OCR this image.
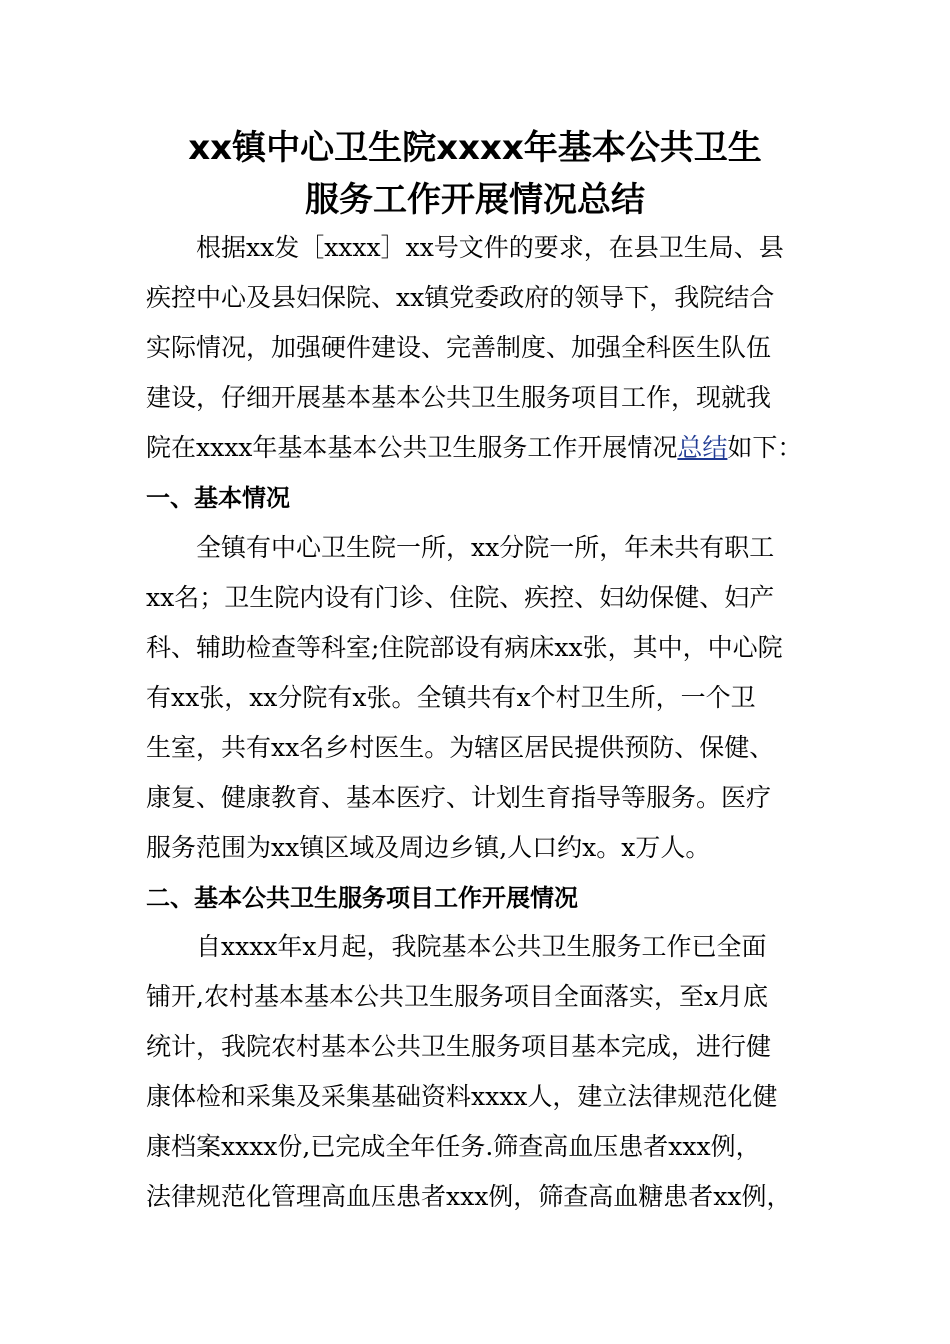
xx镇中心卫生院xxxx年基本公共卫生
服务工作开展情况总结
根据xx发［xxxx］xx号文件的要求，在县卫生局、县
疾控中心及县妇保院、xx镇党委政府的领导下，我院结合
实际情况，加强硬件建设、完善制度、加强全科医生队伍
建设，仔细开展基本基本公共卫生服务项目工作，现就我
院在xxxx年基本基本公共卫生服务工作开展情况总结如下：
一、基本情况
全镇有中心卫生院一所，xx分院一所，年未共有职工
xx名；卫生院内设有门诊、住院、疾控、妇幼保健、妇产
科、辅助检查等科室;住院部设有病床xx张，其中，中心院
有xx张，xx分院有x张。全镇共有x个村卫生所，一个卫
生室，共有xx名乡村医生。为辖区居民提供预防、保健、
康复、健康教育、基本医疗、计划生育指导等服务。医疗
服务范围为xx镇区域及周边乡镇,人口约x。x万人。
二、基本公共卫生服务项目工作开展情况
自xxxx年x月起，我院基本公共卫生服务工作已全面
铺开,农村基本基本公共卫生服务项目全面落实，至x月底
统计，我院农村基本公共卫生服务项目基本完成，进行健
康体检和采集及采集基础资料xxxx人，建立法律规范化健
康档案xxxx份,已完成全年任务.筛查高血压患者xxx例，
法律规范化管理高血压患者xxx例，筛查高血糖患者xx例，
